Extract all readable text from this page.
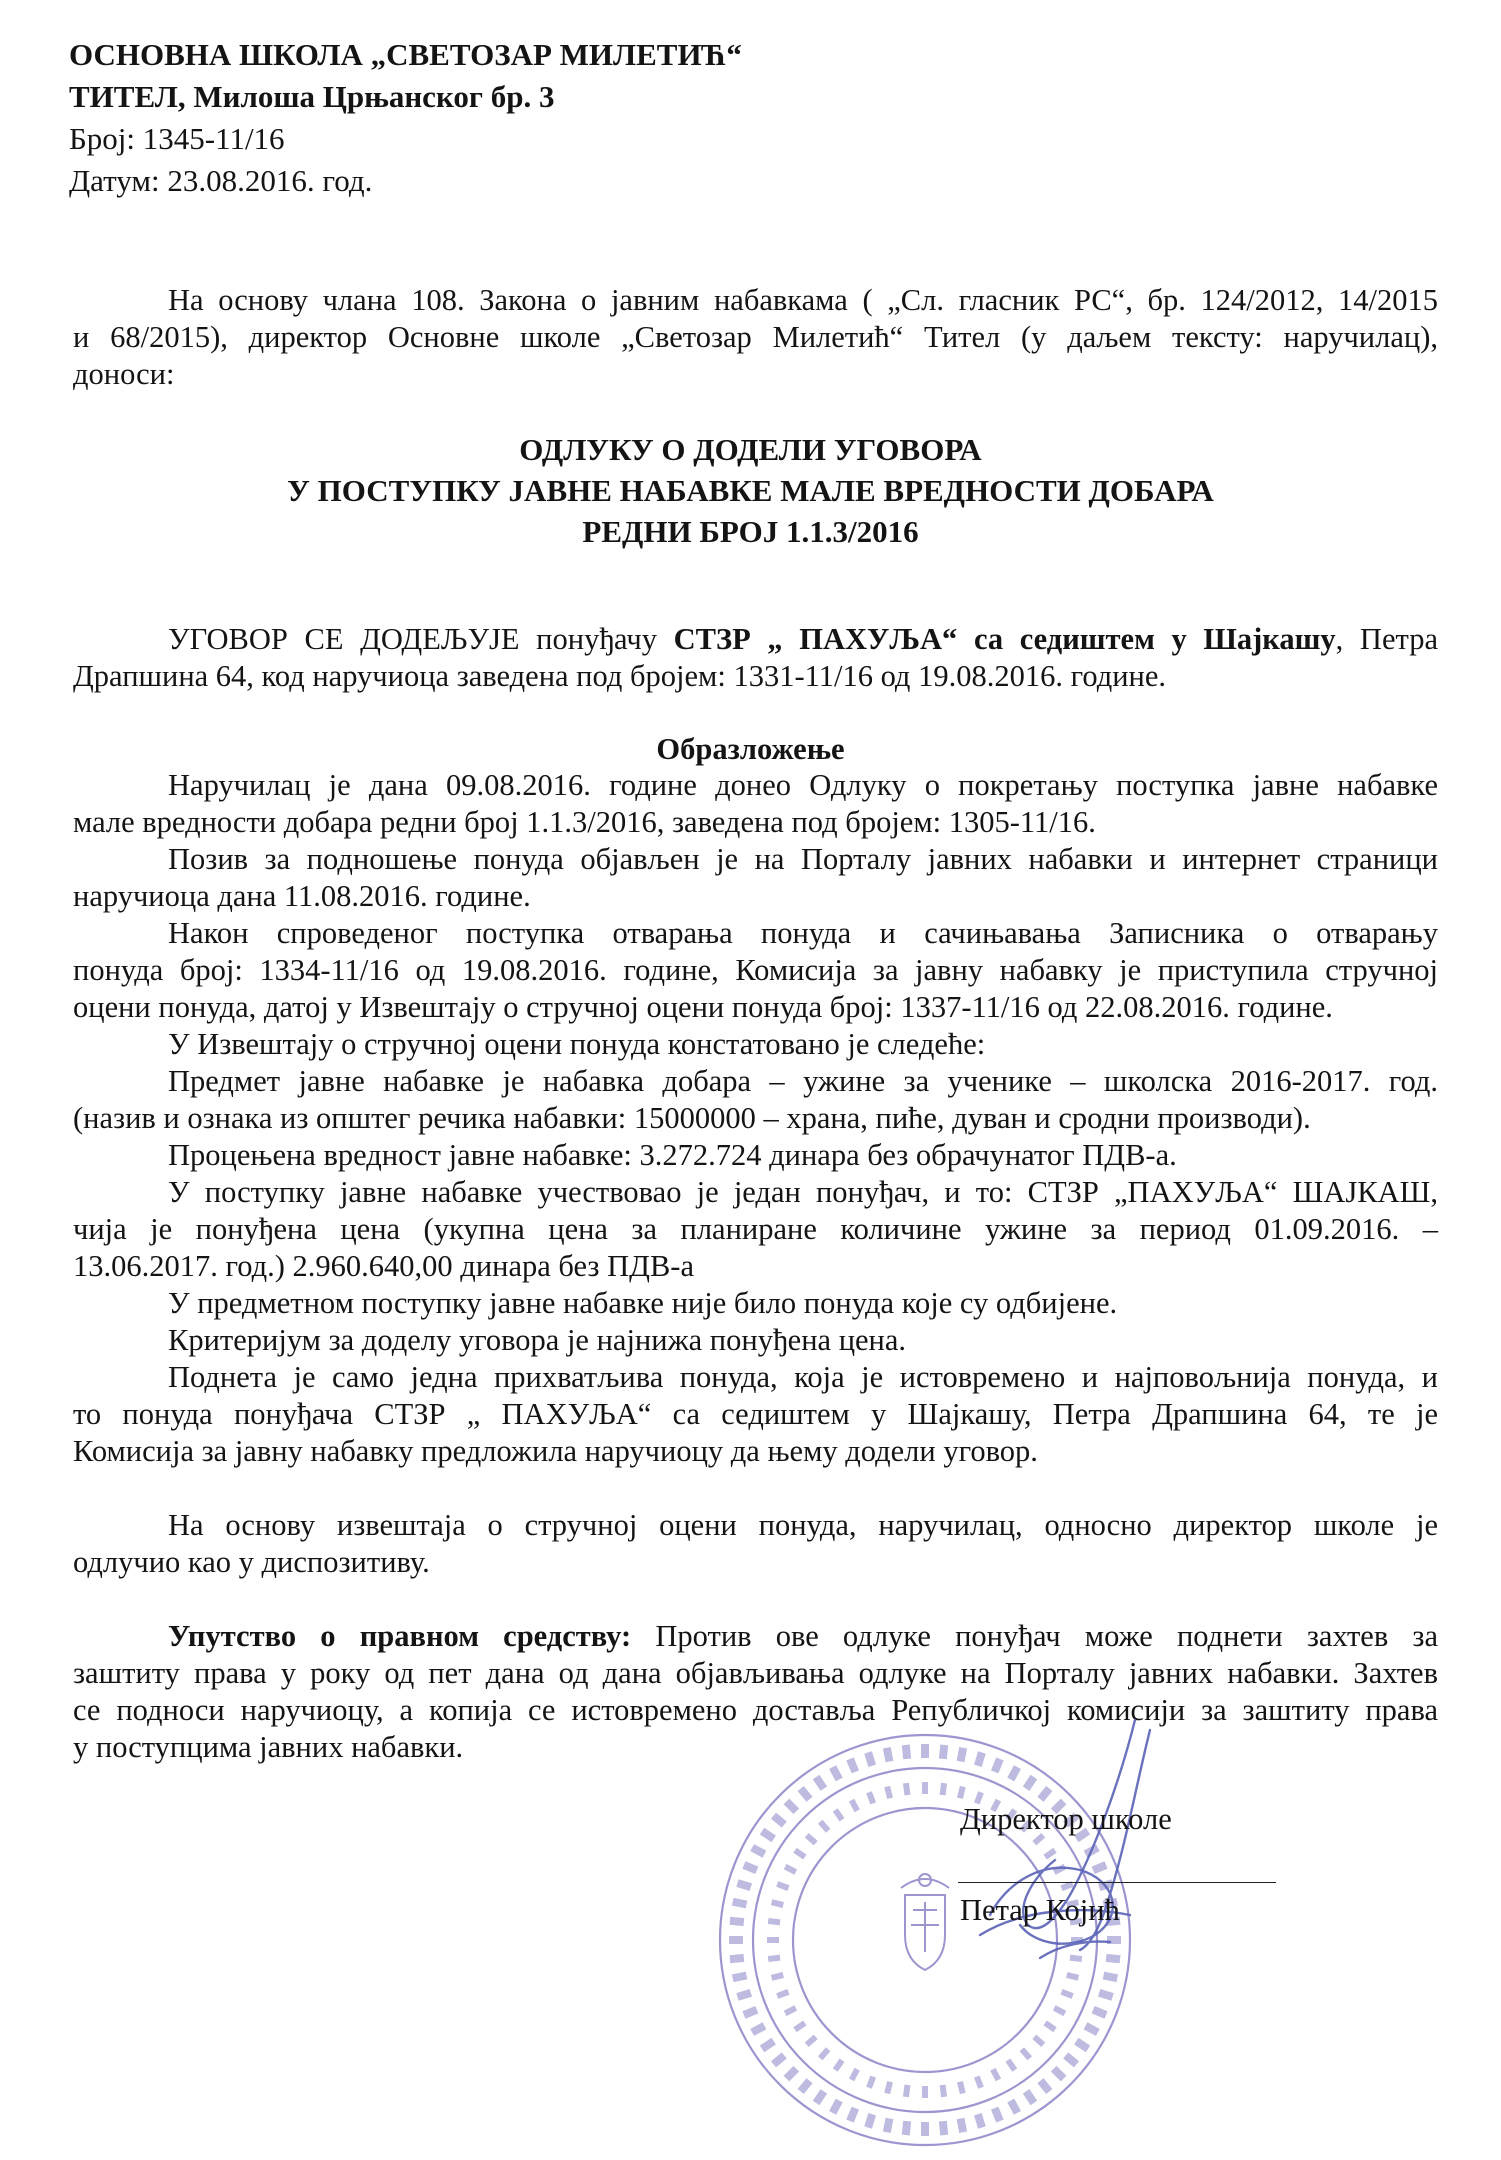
ОСНОВНА ШКОЛА „СВЕТОЗАР МИЛЕТИЋ“
ТИТЕЛ, Милоша Црњанског бр. 3
Број: 1345-11/16
Датум: 23.08.2016. год.
На основу члана 108. Закона о јавним набавкама ( „Сл. гласник РС“, бр. 124/2012, 14/2015
и 68/2015), директор Основне школе „Светозар Милетић“ Тител (у даљем тексту: наручилац),
доноси:
ОДЛУКУ О ДОДЕЛИ УГОВОРА
У ПОСТУПКУ ЈАВНЕ НАБАВКЕ МАЛЕ ВРЕДНОСТИ ДОБАРА
РЕДНИ БРОЈ 1.1.3/2016
УГОВОР СЕ ДОДЕЉУЈЕ понуђачу СТЗР „ ПАХУЉА“ са седиштем у Шајкашу, Петра
Драпшина 64, код наручиоца заведена под бројем: 1331-11/16 од 19.08.2016. године.
Образложење
Наручилац је дана 09.08.2016. године донео Одлуку о покретању поступка јавне набавке
мале вредности добара редни број 1.1.3/2016, заведена под бројем: 1305-11/16.
Позив за подношење понуда објављен је на Порталу јавних набавки и интернет страници
наручиоца дана 11.08.2016. године.
Након спроведеног поступка отварања понуда и сачињавања Записника о отварању
понуда број: 1334-11/16 од 19.08.2016. године, Комисија за јавну набавку је приступила стручној
оцени понуда, датој у Извештају о стручној оцени понуда број: 1337-11/16 од 22.08.2016. године.
У Извештају о стручној оцени понуда констатовано је следеће:
Предмет јавне набавке је набавка добара – ужине за ученике – школска 2016-2017. год.
(назив и ознака из општег речика набавки: 15000000 – храна, пиће, дуван и сродни производи).
Процењена вредност јавне набавке: 3.272.724 динара без обрачунатог ПДВ-а.
У поступку јавне набавке учествовао је један понуђач, и то: СТЗР „ПАХУЉА“ ШАЈКАШ,
чија је понуђена цена (укупна цена за планиране количине ужине за период 01.09.2016. –
13.06.2017. год.) 2.960.640,00 динара без ПДВ-а
У предметном поступку јавне набавке није било понуда које су одбијене.
Критеријум за доделу уговора је најнижа понуђена цена.
Поднета је само једна прихватљива понуда, која је истовремено и најповољнија понуда, и
то понуда понуђача СТЗР „ ПАХУЉА“ са седиштем у Шајкашу, Петра Драпшина 64, те је
Комисија за јавну набавку предложила наручиоцу да њему додели уговор.
На основу извештаја о стручној оцени понуда, наручилац, односно директор школе је
одлучио као у диспозитиву.
Упутство о правном средству: Против ове одлуке понуђач може поднети захтев за
заштиту права у року од пет дана од дана објављивања одлуке на Порталу јавних набавки. Захтев
се подноси наручиоцу, а копија се истовремено доставља Републичкој комисији за заштиту права
у поступцима јавних набавки.
Директор школе
Петар Којић
